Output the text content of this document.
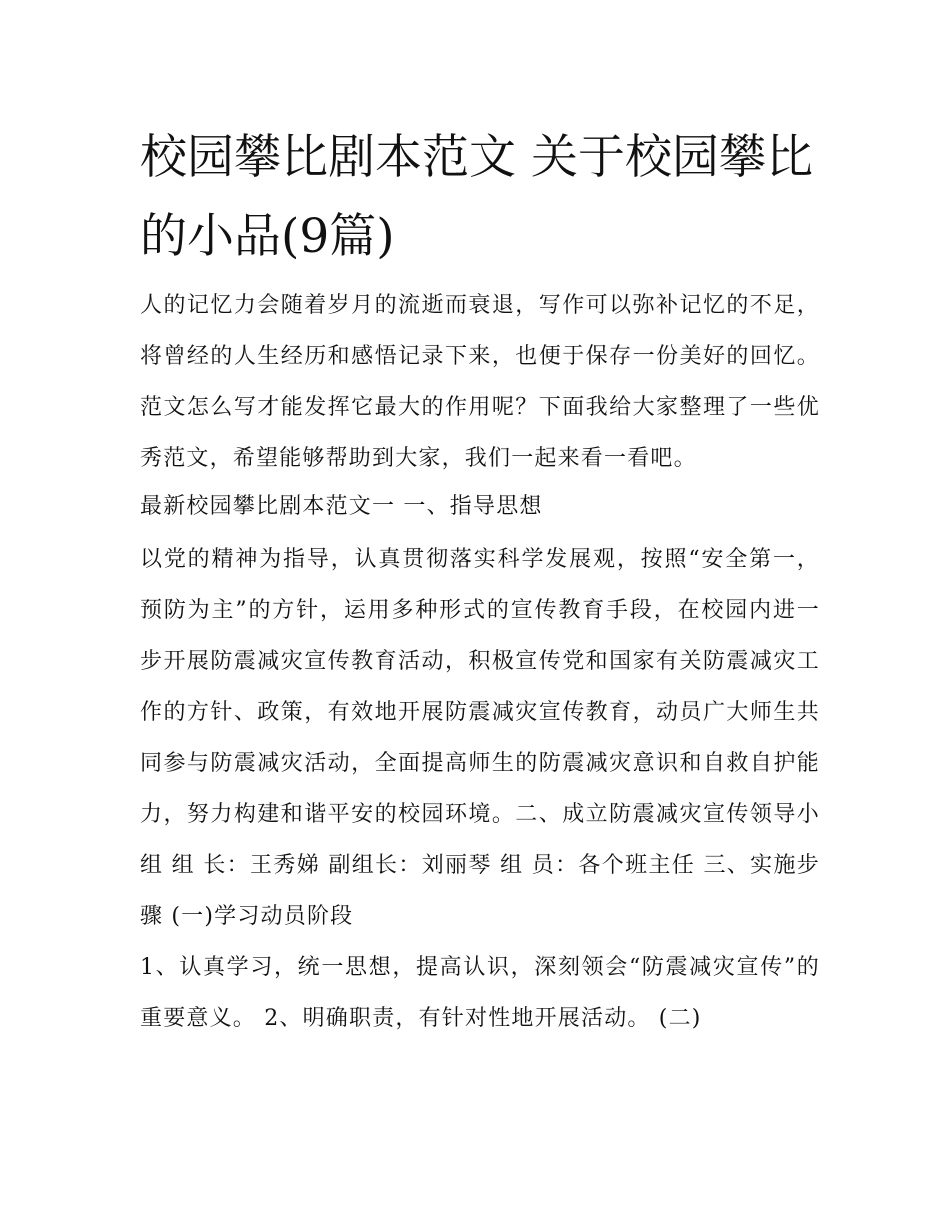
校园攀比剧本范文 关于校园攀比的小品(9篇)

人的记忆力会随着岁月的流逝而衰退，写作可以弥补记忆的不足，将曾经的人生经历和感悟记录下来，也便于保存一份美好的回忆。范文怎么写才能发挥它最大的作用呢？下面我给大家整理了一些优秀范文，希望能够帮助到大家，我们一起来看一看吧。

最新校园攀比剧本范文一 一、指导思想

以党的精神为指导，认真贯彻落实科学发展观，按照“安全第一，预防为主”的方针，运用多种形式的宣传教育手段，在校园内进一步开展防震减灾宣传教育活动，积极宣传党和国家有关防震减灾工作的方针、政策，有效地开展防震减灾宣传教育，动员广大师生共同参与防震减灾活动，全面提高师生的防震减灾意识和自救自护能力，努力构建和谐平安的校园环境。二、成立防震减灾宣传领导小组 组 长：王秀娣 副组长：刘丽琴 组 员：各个班主任 三、实施步骤 (一)学习动员阶段

1、认真学习，统一思想，提高认识，深刻领会“防震减灾宣传”的重要意义。 2、明确职责，有针对性地开展活动。 (二)
